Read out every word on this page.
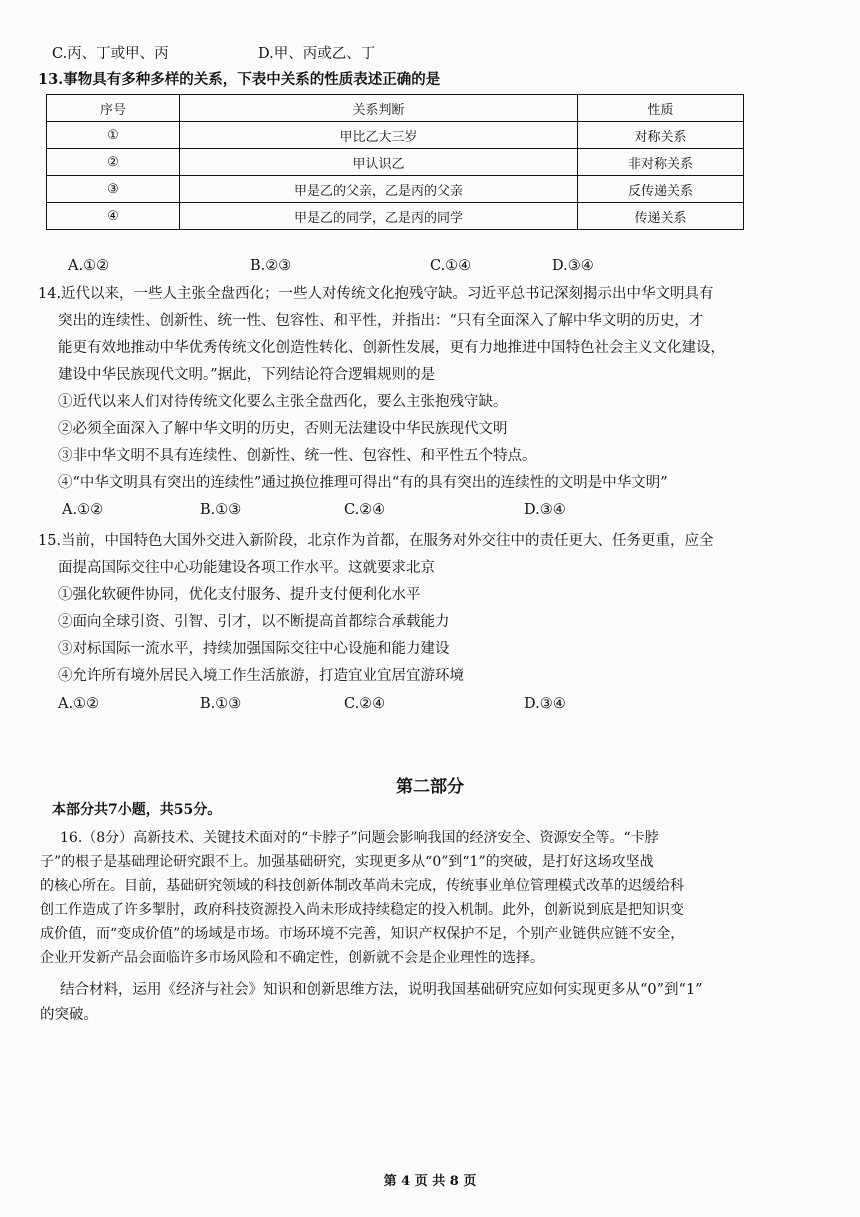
C.丙、丁或甲、丙	D.甲、丙或乙、丁
13.事物具有多种多样的关系，下表中关系的性质表述正确的是
序号	关系判断	性质
①	甲比乙大三岁	对称关系
②	甲认识乙	非对称关系
③	甲是乙的父亲，乙是丙的父亲	反传递关系
④	甲是乙的同学，乙是丙的同学	传递关系
A.①②	B.②③	C.①④	D.③④
14.近代以来，一些人主张全盘西化；一些人对传统文化抱残守缺。习近平总书记深刻揭示出中华文明具有
突出的连续性、创新性、统一性、包容性、和平性，并指出：“只有全面深入了解中华文明的历史，才
能更有效地推动中华优秀传统文化创造性转化、创新性发展，更有力地推进中国特色社会主义文化建设，
建设中华民族现代文明。”据此，下列结论符合逻辑规则的是
①近代以来人们对待传统文化要么主张全盘西化，要么主张抱残守缺。
②必须全面深入了解中华文明的历史，否则无法建设中华民族现代文明
③非中华文明不具有连续性、创新性、统一性、包容性、和平性五个特点。
④“中华文明具有突出的连续性”通过换位推理可得出“有的具有突出的连续性的文明是中华文明”
A.①②	B.①③	C.②④	D.③④
15.当前，中国特色大国外交进入新阶段，北京作为首都，在服务对外交往中的责任更大、任务更重，应全
面提高国际交往中心功能建设各项工作水平。这就要求北京
①强化软硬件协同，优化支付服务、提升支付便利化水平
②面向全球引资、引智、引才，以不断提高首都综合承载能力
③对标国际一流水平，持续加强国际交往中心设施和能力建设
④允许所有境外居民入境工作生活旅游，打造宜业宜居宜游环境
A.①②	B.①③	C.②④	D.③④
第二部分
本部分共7小题，共55分。
16.（8分）高新技术、关键技术面对的“卡脖子”问题会影响我国的经济安全、资源安全等。“卡脖
子”的根子是基础理论研究跟不上。加强基础研究，实现更多从“0”到“1”的突破，是打好这场攻坚战
的核心所在。目前，基础研究领域的科技创新体制改革尚未完成，传统事业单位管理模式改革的迟缓给科
创工作造成了许多掣肘，政府科技资源投入尚未形成持续稳定的投入机制。此外，创新说到底是把知识变
成价值，而“变成价值”的场域是市场。市场环境不完善，知识产权保护不足，个别产业链供应链不安全，
企业开发新产品会面临许多市场风险和不确定性，创新就不会是企业理性的选择。
结合材料，运用《经济与社会》知识和创新思维方法，说明我国基础研究应如何实现更多从“0”到“1”
的突破。
第 4 页 共 8 页
